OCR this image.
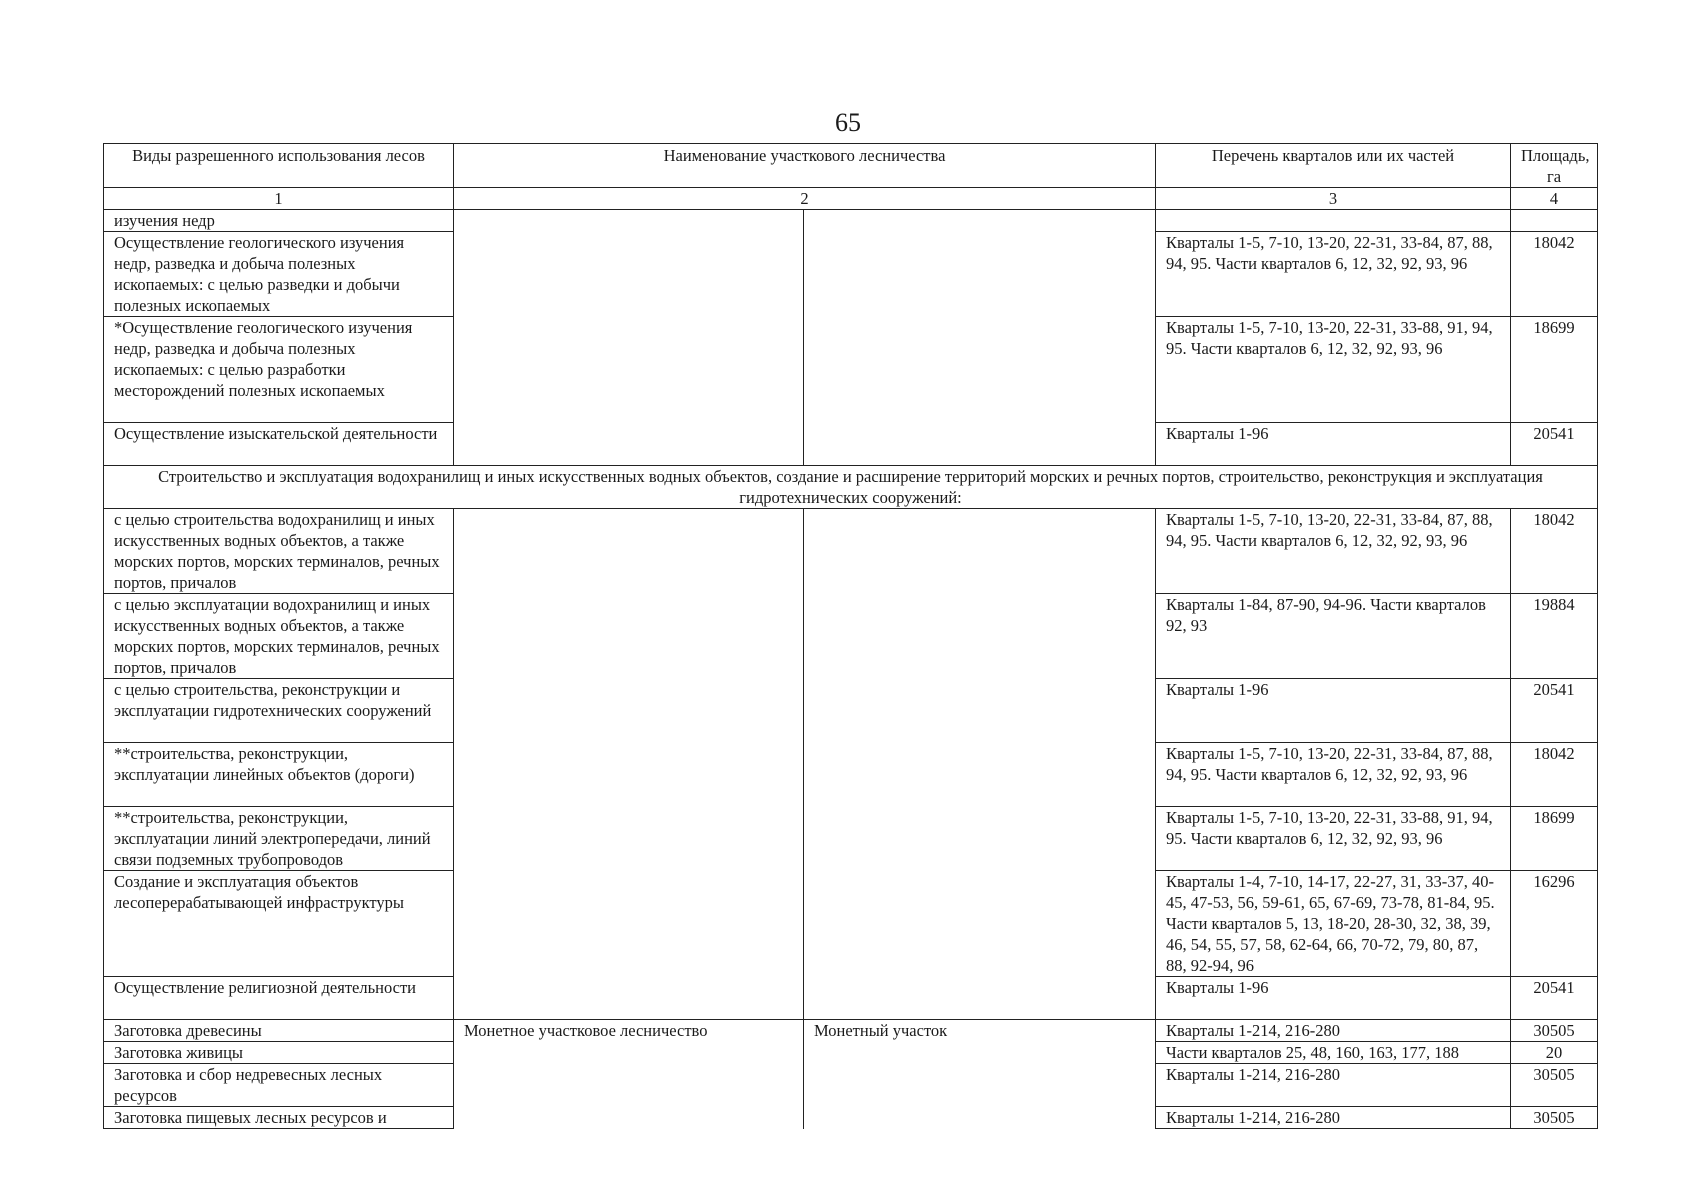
65
Виды разрешенного использования лесов	Наименование участкового лесничества		Перечень кварталов или их частей	Площадь, га
1	2		3	4
изучения недр				
Осуществление геологического изучения недр, разведка и добыча полезных ископаемых: с целью разведки и добычи полезных ископаемых			Кварталы 1-5, 7-10, 13-20, 22-31, 33-84, 87, 88, 94, 95. Части кварталов 6, 12, 32, 92, 93, 96	18042
*Осуществление геологического изучения недр, разведка и добыча полезных ископаемых: с целью разработки месторождений полезных ископаемых			Кварталы 1-5, 7-10, 13-20, 22-31, 33-88, 91, 94, 95. Части кварталов 6, 12, 32, 92, 93, 96	18699
Осуществление изыскательской деятельности			Кварталы 1-96	20541
Строительство и эксплуатация водохранилищ и иных искусственных водных объектов, создание и расширение территорий морских и речных портов, строительство, реконструкция и эксплуатация гидротехнических сооружений:				
с целью строительства водохранилищ и иных искусственных водных объектов, а также морских портов, морских терминалов, речных портов, причалов			Кварталы 1-5, 7-10, 13-20, 22-31, 33-84, 87, 88, 94, 95. Части кварталов 6, 12, 32, 92, 93, 96	18042
с целью эксплуатации водохранилищ и иных искусственных водных объектов, а также морских портов, морских терминалов, речных портов, причалов			Кварталы 1-84, 87-90, 94-96. Части кварталов 92, 93	19884
с целью строительства, реконструкции и эксплуатации гидротехнических сооружений			Кварталы 1-96	20541
**строительства, реконструкции, эксплуатации линейных объектов (дороги)			Кварталы 1-5, 7-10, 13-20, 22-31, 33-84, 87, 88, 94, 95. Части кварталов 6, 12, 32, 92, 93, 96	18042
**строительства, реконструкции, эксплуатации линий электропередачи, линий связи подземных трубопроводов			Кварталы 1-5, 7-10, 13-20, 22-31, 33-88, 91, 94, 95. Части кварталов 6, 12, 32, 92, 93, 96	18699
Создание и эксплуатация объектов лесоперерабатывающей инфраструктуры			Кварталы 1-4, 7-10, 14-17, 22-27, 31, 33-37, 40-45, 47-53, 56, 59-61, 65, 67-69, 73-78, 81-84, 95. Части кварталов 5, 13, 18-20, 28-30, 32, 38, 39, 46, 54, 55, 57, 58, 62-64, 66, 70-72, 79, 80, 87, 88, 92-94, 96	16296
Осуществление религиозной деятельности			Кварталы 1-96	20541
Заготовка древесины	Монетное участковое лесничество	Монетный участок	Кварталы 1-214, 216-280	30505
Заготовка живицы			Части кварталов 25, 48, 160, 163, 177, 188	20
Заготовка и сбор недревесных лесных ресурсов			Кварталы 1-214, 216-280	30505
Заготовка пищевых лесных ресурсов и			Кварталы 1-214, 216-280	30505
